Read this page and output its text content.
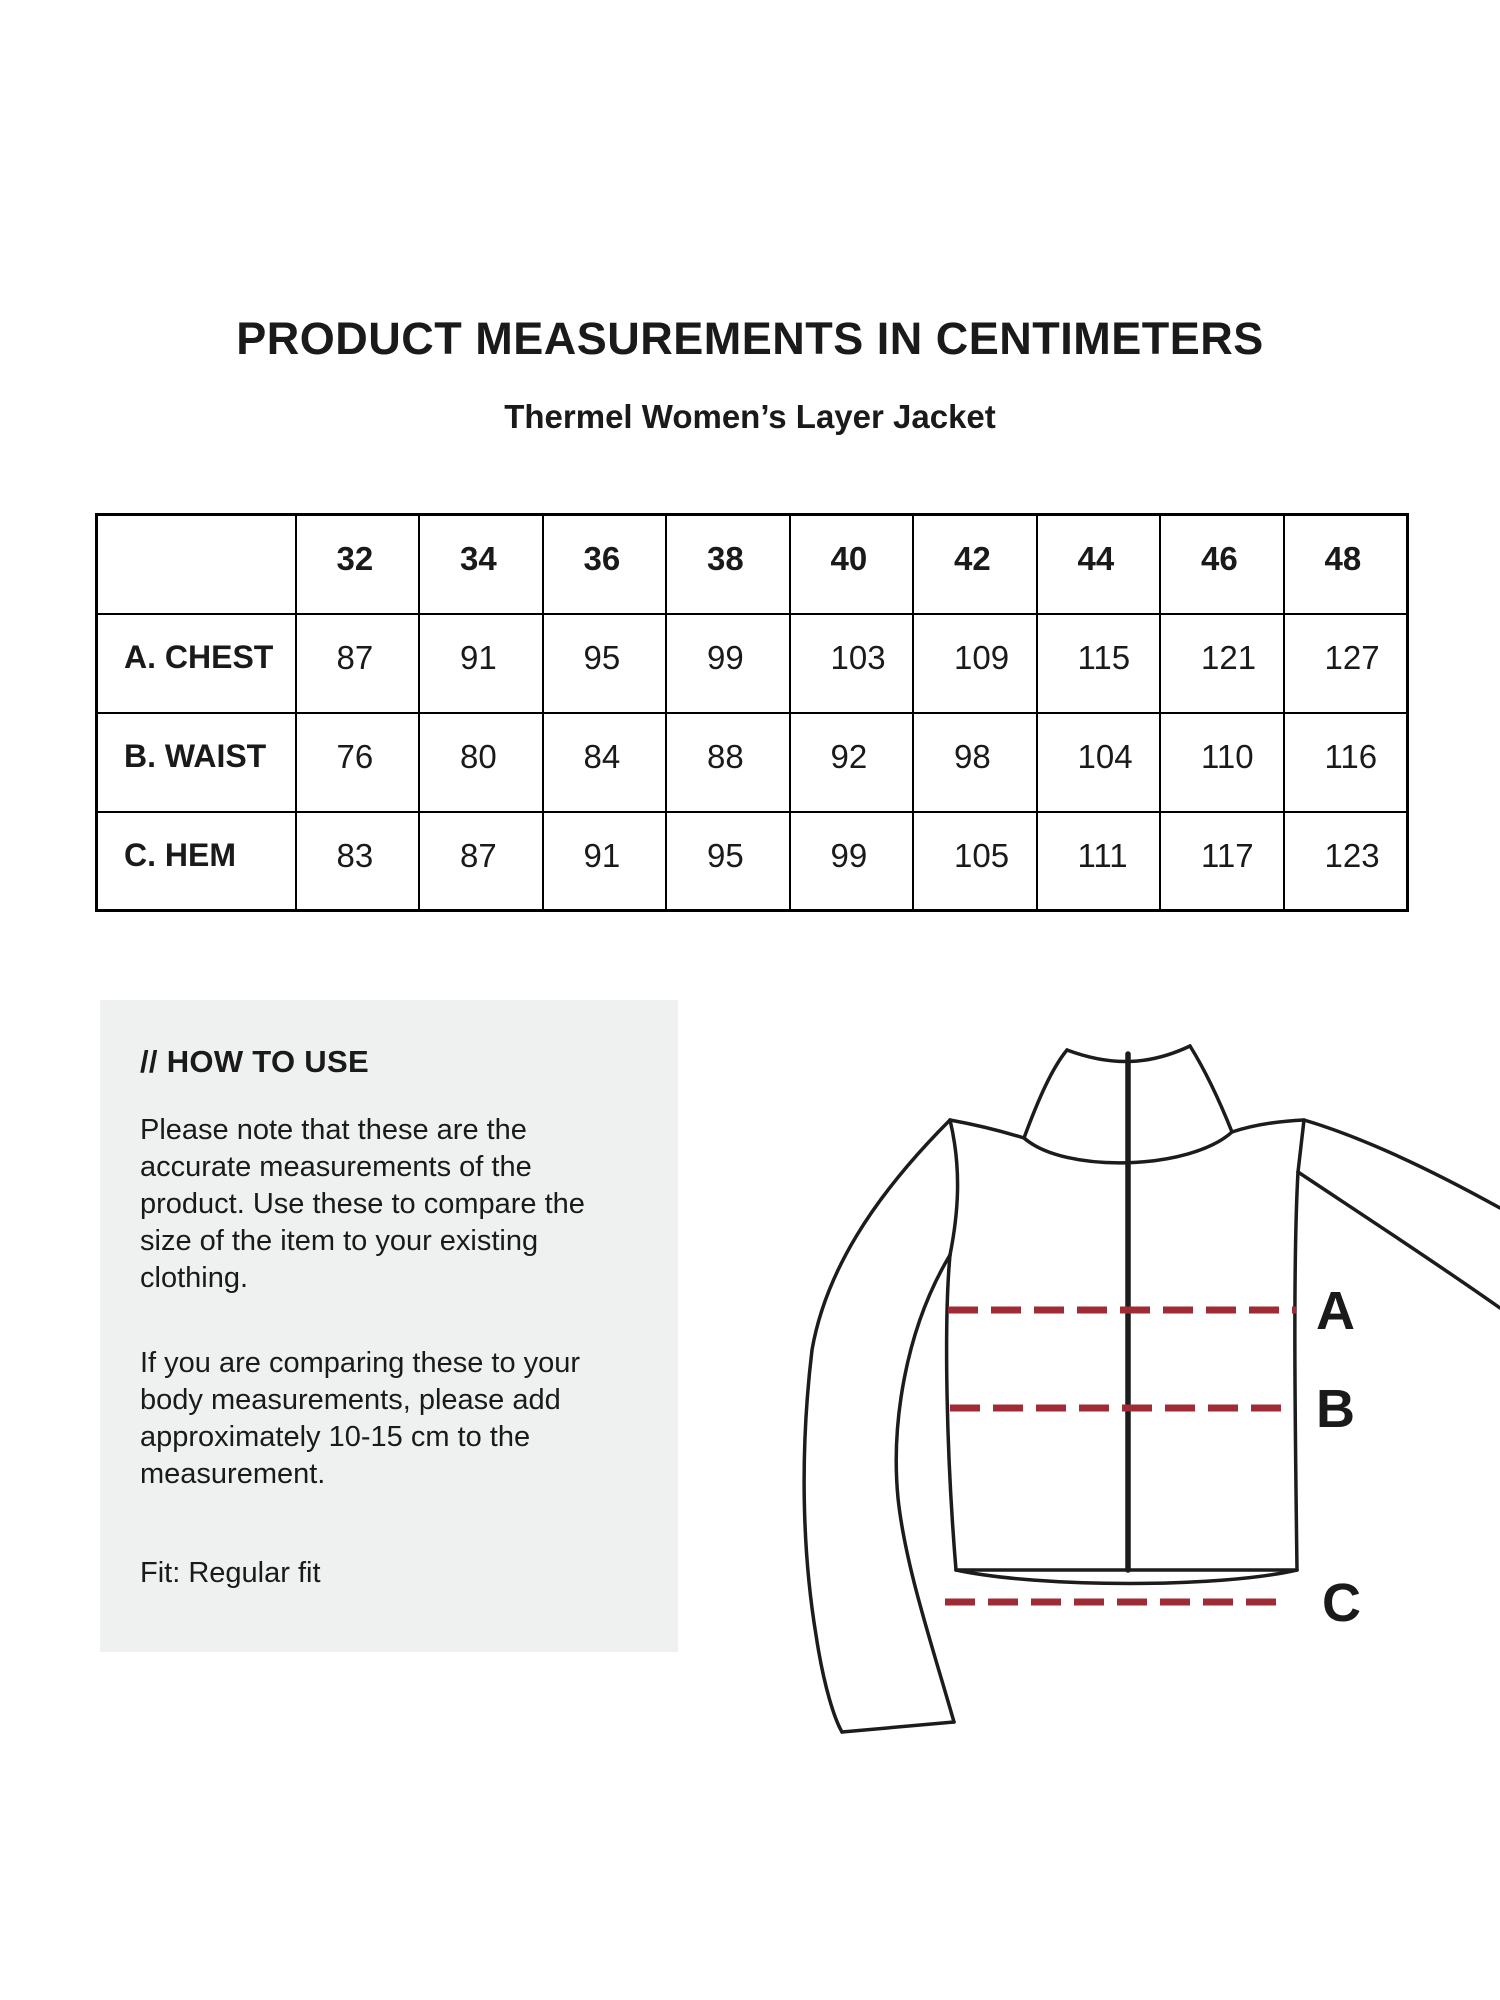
PRODUCT MEASUREMENTS IN CENTIMETERS
Thermel Women’s Layer Jacket
	32	34	36	38	40	42	44	46	48
A. CHEST	87	91	95	99	103	109	115	121	127
B. WAIST	76	80	84	88	92	98	104	110	116
C. HEM	83	87	91	95	99	105	111	117	123
// HOW TO USE

Please note that these are the accurate measurements of the product. Use these to compare the size of the item to your existing clothing.

If you are comparing these to your body measurements, please add approximately 10-15 cm to the measurement.

Fit: Regular fit

A
B
C
